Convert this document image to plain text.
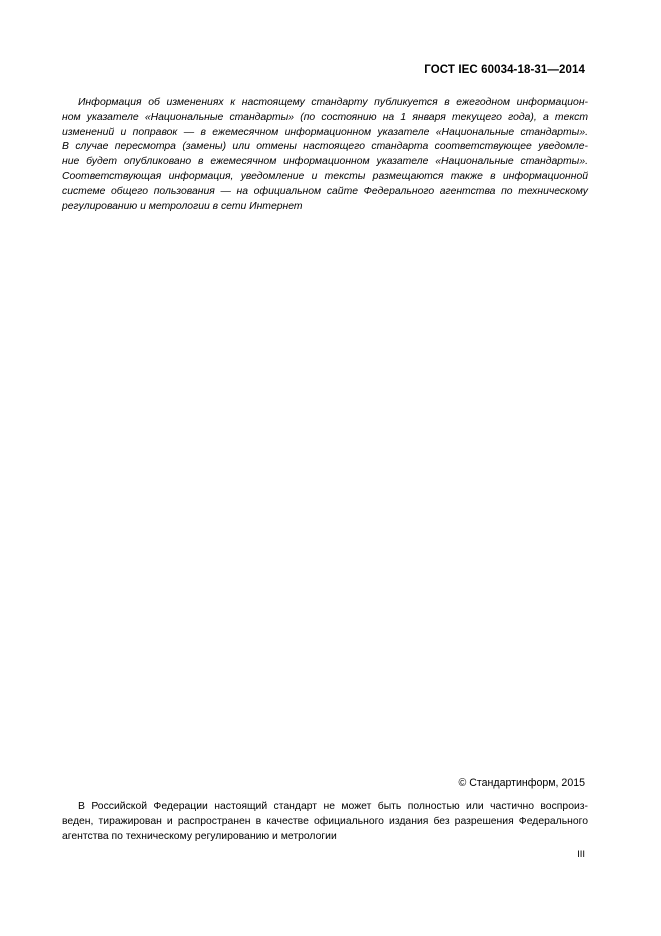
ГОСТ IEC 60034-18-31—2014
Информация об изменениях к настоящему стандарту публикуется в ежегодном информацион-
ном указателе «Национальные стандарты» (по состоянию на 1 января текущего года), а текст
изменений и поправок — в ежемесячном информационном указателе «Национальные стандарты».
В случае пересмотра (замены) или отмены настоящего стандарта соответствующее уведомле-
ние будет опубликовано в ежемесячном информационном указателе «Национальные стандарты».
Соответствующая информация, уведомление и тексты размещаются также в информационной
системе общего пользования — на официальном сайте Федерального агентства по техническому
регулированию и метрологии в сети Интернет
© Стандартинформ, 2015
В Российской Федерации настоящий стандарт не может быть полностью или частично воспроиз-
веден, тиражирован и распространен в качестве официального издания без разрешения Федерального
агентства по техническому регулированию и метрологии
III
